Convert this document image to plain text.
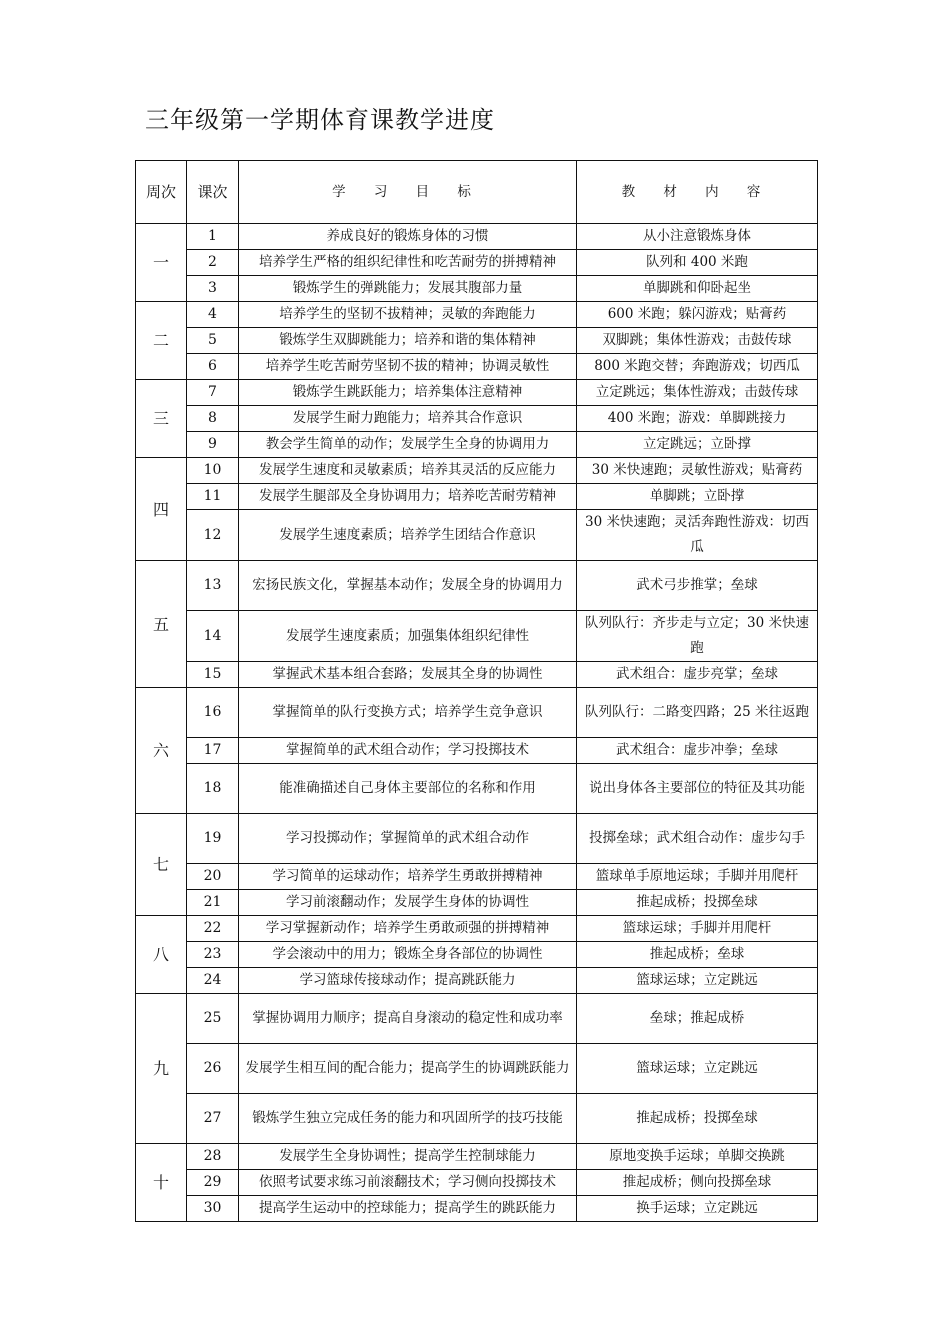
三年级第一学期体育课教学进度
周次	课次	学 习 目 标	教 材 内 容
一	1	养成良好的锻炼身体的习惯	从小注意锻炼身体
	2	培养学生严格的组织纪律性和吃苦耐劳的拼搏精神	队列和 400 米跑
	3	锻炼学生的弹跳能力；发展其腹部力量	单脚跳和仰卧起坐
二	4	培养学生的坚韧不拔精神；灵敏的奔跑能力	600 米跑；躲闪游戏；贴膏药
	5	锻炼学生双脚跳能力；培养和谐的集体精神	双脚跳；集体性游戏；击鼓传球
	6	培养学生吃苦耐劳坚韧不拔的精神；协调灵敏性	800 米跑交替；奔跑游戏；切西瓜
三	7	锻炼学生跳跃能力；培养集体注意精神	立定跳远；集体性游戏；击鼓传球
	8	发展学生耐力跑能力；培养其合作意识	400 米跑；游戏：单脚跳接力
	9	教会学生简单的动作；发展学生全身的协调用力	立定跳远；立卧撑
四	10	发展学生速度和灵敏素质；培养其灵活的反应能力	30 米快速跑；灵敏性游戏；贴膏药
	11	发展学生腿部及全身协调用力；培养吃苦耐劳精神	单脚跳；立卧撑
	12	发展学生速度素质；培养学生团结合作意识	30 米快速跑；灵活奔跑性游戏：切西瓜
五	13	宏扬民族文化，掌握基本动作；发展全身的协调用力	武术弓步推掌；垒球
	14	发展学生速度素质；加强集体组织纪律性	队列队行：齐步走与立定；30 米快速跑
	15	掌握武术基本组合套路；发展其全身的协调性	武术组合：虚步亮掌；垒球
六	16	掌握简单的队行变换方式；培养学生竞争意识	队列队行：二路变四路；25 米往返跑
	17	掌握简单的武术组合动作；学习投掷技术	武术组合：虚步冲拳；垒球
	18	能准确描述自己身体主要部位的名称和作用	说出身体各主要部位的特征及其功能
七	19	学习投掷动作；掌握简单的武术组合动作	投掷垒球；武术组合动作：虚步勾手
	20	学习简单的运球动作；培养学生勇敢拼搏精神	篮球单手原地运球；手脚并用爬杆
	21	学习前滚翻动作；发展学生身体的协调性	推起成桥；投掷垒球
八	22	学习掌握新动作；培养学生勇敢顽强的拼搏精神	篮球运球；手脚并用爬杆
	23	学会滚动中的用力；锻炼全身各部位的协调性	推起成桥；垒球
	24	学习篮球传接球动作；提高跳跃能力	篮球运球；立定跳远
九	25	掌握协调用力顺序；提高自身滚动的稳定性和成功率	垒球；推起成桥
	26	发展学生相互间的配合能力；提高学生的协调跳跃能力	篮球运球；立定跳远
	27	锻炼学生独立完成任务的能力和巩固所学的技巧技能	推起成桥；投掷垒球
十	28	发展学生全身协调性；提高学生控制球能力	原地变换手运球；单脚交换跳
	29	依照考试要求练习前滚翻技术；学习侧向投掷技术	推起成桥；侧向投掷垒球
	30	提高学生运动中的控球能力；提高学生的跳跃能力	换手运球；立定跳远
